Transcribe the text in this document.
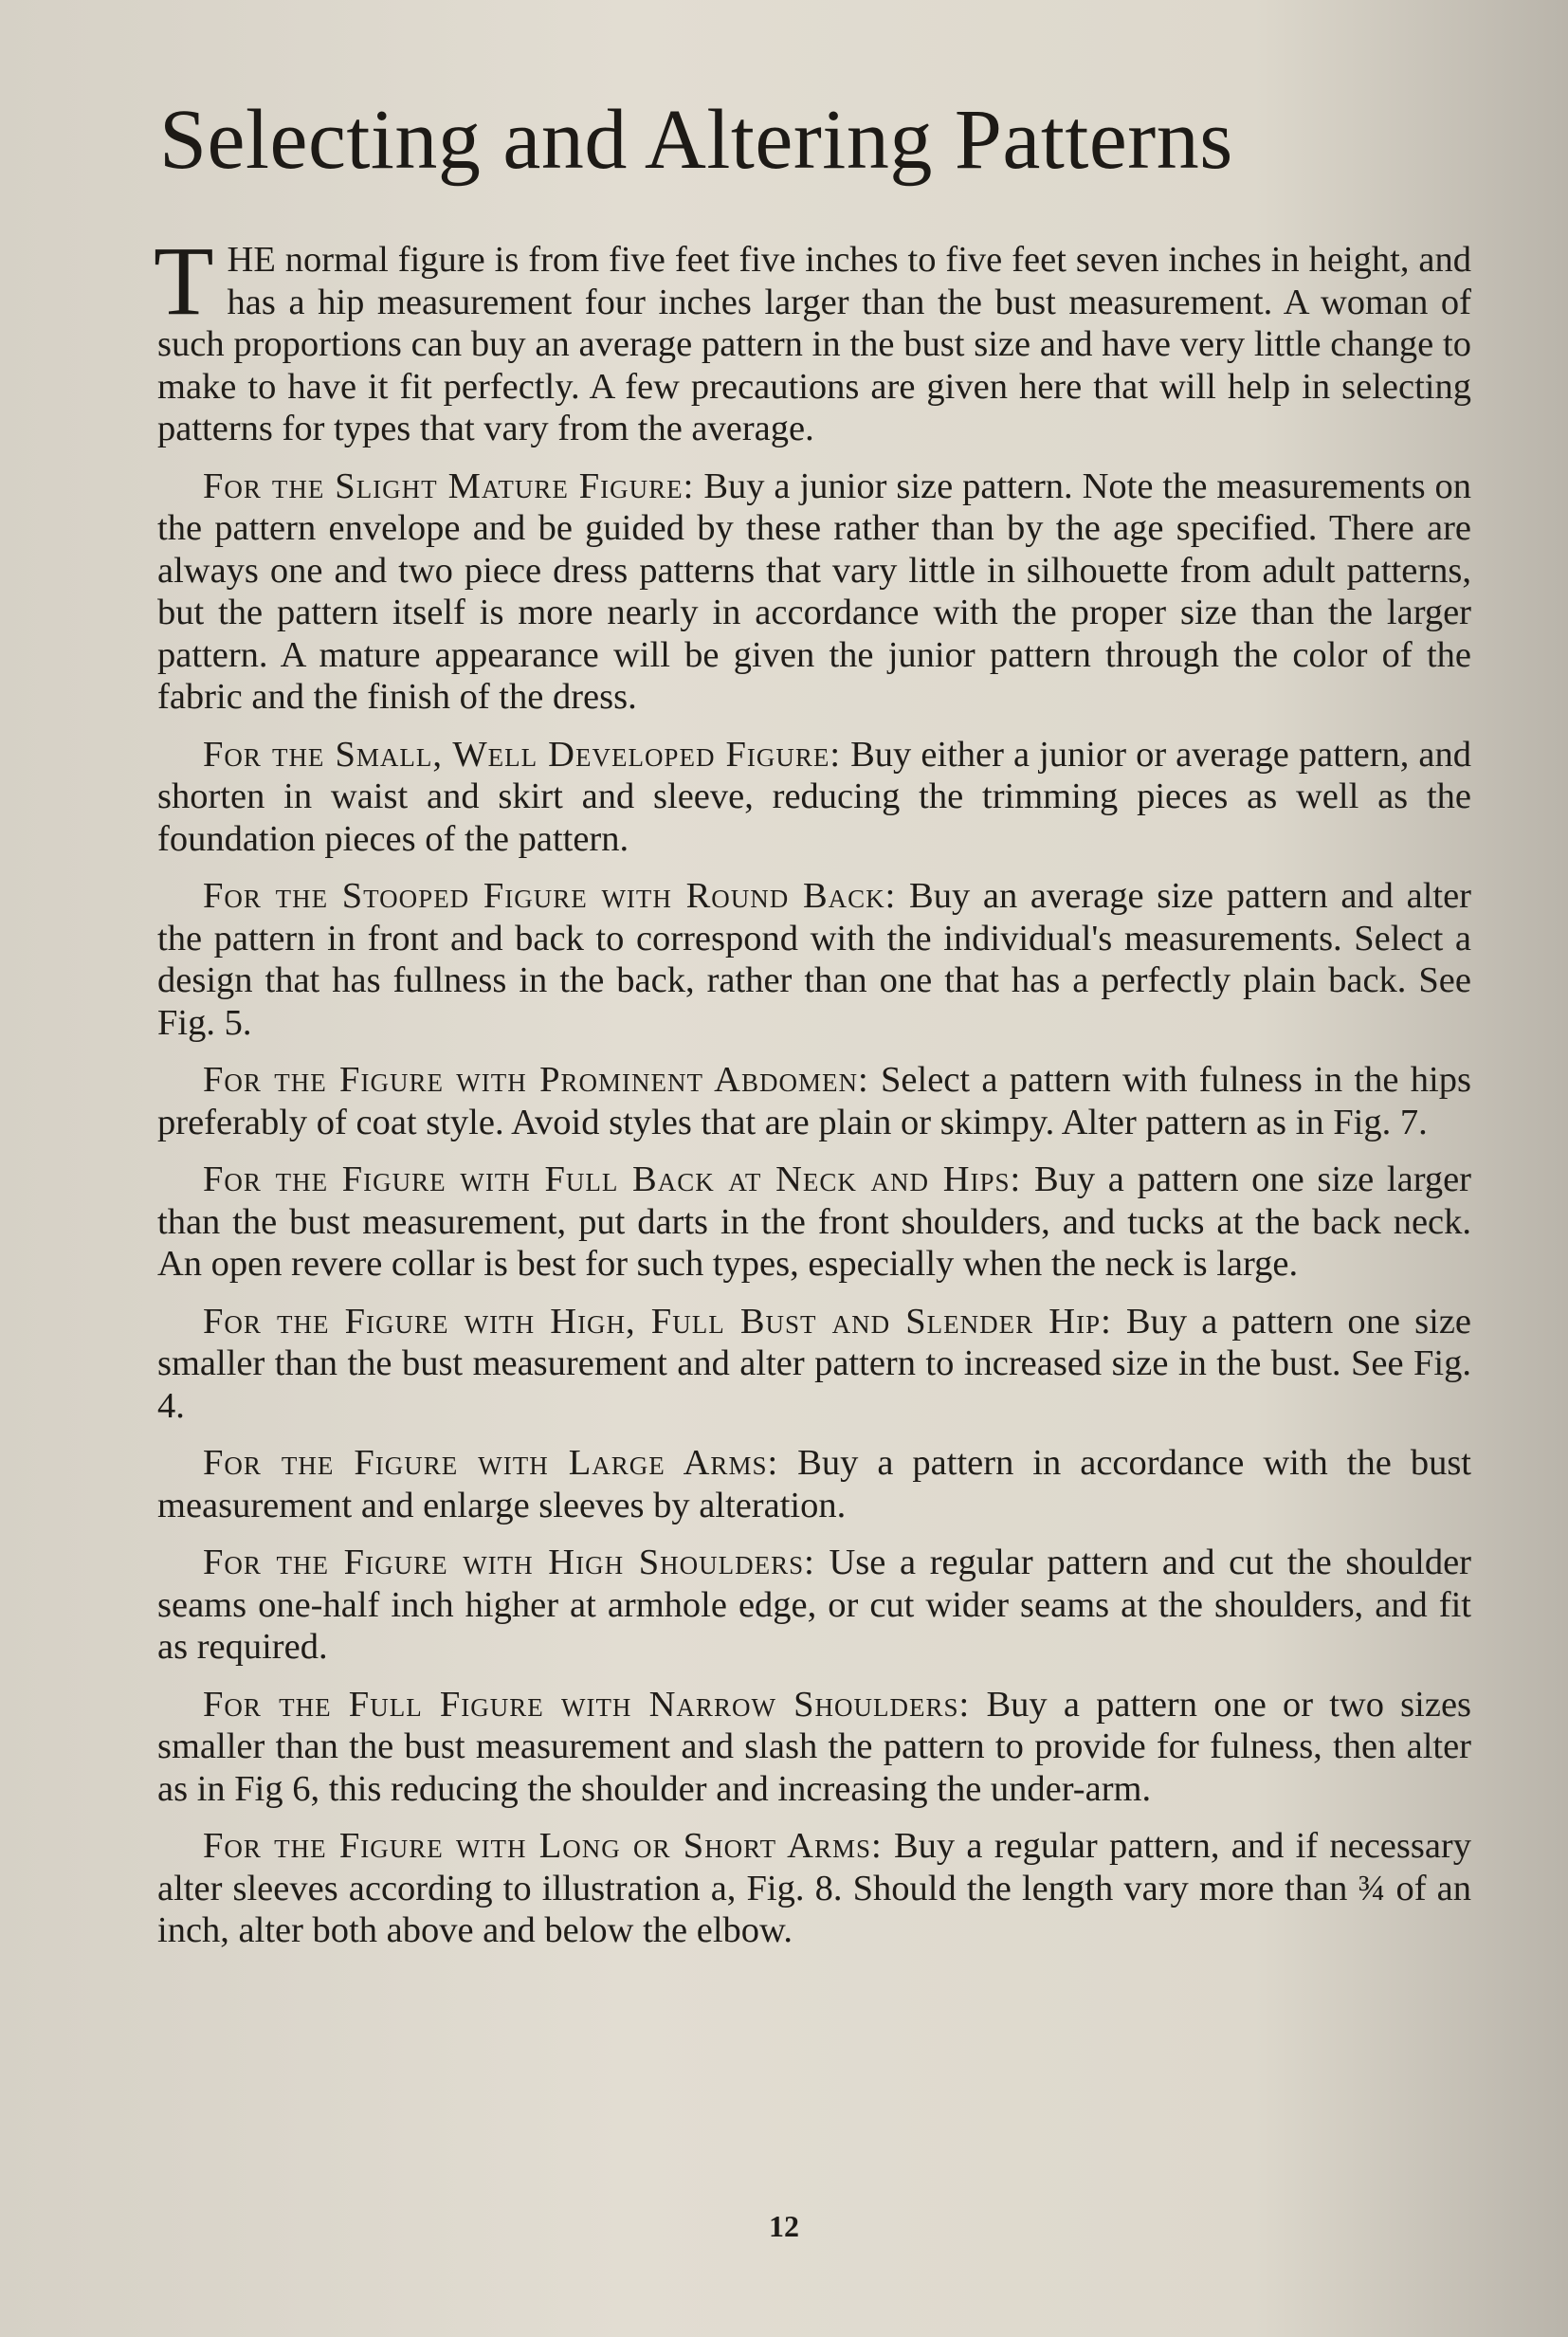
Selecting and Altering Patterns

THE normal figure is from five feet five inches to five feet seven inches in height, and has a hip measurement four inches larger than the bust measurement. A woman of such proportions can buy an average pattern in the bust size and have very little change to make to have it fit perfectly. A few precautions are given here that will help in selecting patterns for types that vary from the average.

For the Slight Mature Figure: Buy a junior size pattern. Note the measurements on the pattern envelope and be guided by these rather than by the age specified. There are always one and two piece dress patterns that vary little in silhouette from adult patterns, but the pattern itself is more nearly in accordance with the proper size than the larger pattern. A mature appearance will be given the junior pattern through the color of the fabric and the finish of the dress.

For the Small, Well Developed Figure: Buy either a junior or average pattern, and shorten in waist and skirt and sleeve, reducing the trimming pieces as well as the foundation pieces of the pattern.

For the Stooped Figure with Round Back: Buy an average size pattern and alter the pattern in front and back to correspond with the individual's measurements. Select a design that has fullness in the back, rather than one that has a perfectly plain back. See Fig. 5.

For the Figure with Prominent Abdomen: Select a pattern with fulness in the hips preferably of coat style. Avoid styles that are plain or skimpy. Alter pattern as in Fig. 7.

For the Figure with Full Back at Neck and Hips: Buy a pattern one size larger than the bust measurement, put darts in the front shoulders, and tucks at the back neck. An open revere collar is best for such types, especially when the neck is large.

For the Figure with High, Full Bust and Slender Hip: Buy a pattern one size smaller than the bust measurement and alter pattern to increased size in the bust. See Fig. 4.

For the Figure with Large Arms: Buy a pattern in accordance with the bust measurement and enlarge sleeves by alteration.

For the Figure with High Shoulders: Use a regular pattern and cut the shoulder seams one-half inch higher at armhole edge, or cut wider seams at the shoulders, and fit as required.

For the Full Figure with Narrow Shoulders: Buy a pattern one or two sizes smaller than the bust measurement and slash the pattern to provide for fulness, then alter as in Fig 6, this reducing the shoulder and increasing the under-arm.

For the Figure with Long or Short Arms: Buy a regular pattern, and if necessary alter sleeves according to illustration a, Fig. 8. Should the length vary more than ¾ of an inch, alter both above and below the elbow.

12
